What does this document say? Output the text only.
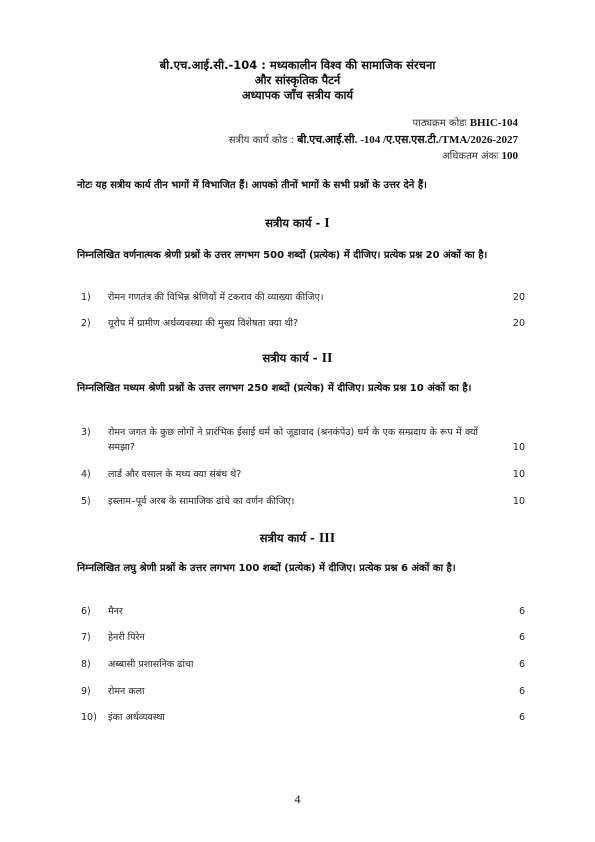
बी.एच.आई.सी.-104 : मध्यकालीन विश्व की सामाजिक संरचना
और सांस्कृतिक पैटर्न
अध्यापक जाँच सत्रीय कार्य
पाठ्यक्रम कोडः BHIC-104
सत्रीय कार्य कोड : बी.एच.आई.सी. -104 /ए.एस.एस.टी./TMA/2026-2027
अधिकतम अंकः 100
नोटः यह सत्रीय कार्य तीन भागों में विभाजित हैं। आपको तीनों भागों के सभी प्रश्नों के उत्तर देने हैं।
सत्रीय कार्य - I
निम्नलिखित वर्णनात्मक श्रेणी प्रश्नों के उत्तर लगभग 500 शब्दों (प्रत्येक) में दीजिए। प्रत्येक प्रश्न 20 अंकों का है।
1) रोमन गणतंत्र की विभिन्न श्रेणियों में टकराव की व्याख्या कीजिए।	20
2) यूरोप में ग्रामीण अर्थव्यवस्था की मुख्य विशेषता क्या थी?	20
सत्रीय कार्य - II
निम्नलिखित मध्यम श्रेणी प्रश्नों के उत्तर लगभग 250 शब्दों (प्रत्येक) में दीजिए। प्रत्येक प्रश्न 10 अंकों का है।
3) रोमन जगत के कुछ लोगों ने प्रारंभिक ईसाई धर्म को जूडावाद (श्रनकंपेउ) धर्म के एक सम्प्रदाय के रूप में क्यों समझा?	10
4) लार्ड और वसाल के मध्य क्या संबंध थे?	10
5) इस्लाम–पूर्व अरब के सामाजिक ढांचे का वर्णन कीजिए।	10
सत्रीय कार्य - III
निम्नलिखित लघु श्रेणी प्रश्नों के उत्तर लगभग 100 शब्दों (प्रत्येक) में दीजिए। प्रत्येक प्रश्न 6 अंकों का है।
6) मैनर	6
7) हेनरी पिरेन	6
8) अब्बासी प्रशासनिक ढांचा	6
9) रोमन कला	6
10) इंका अर्थव्यवस्था	6
4
